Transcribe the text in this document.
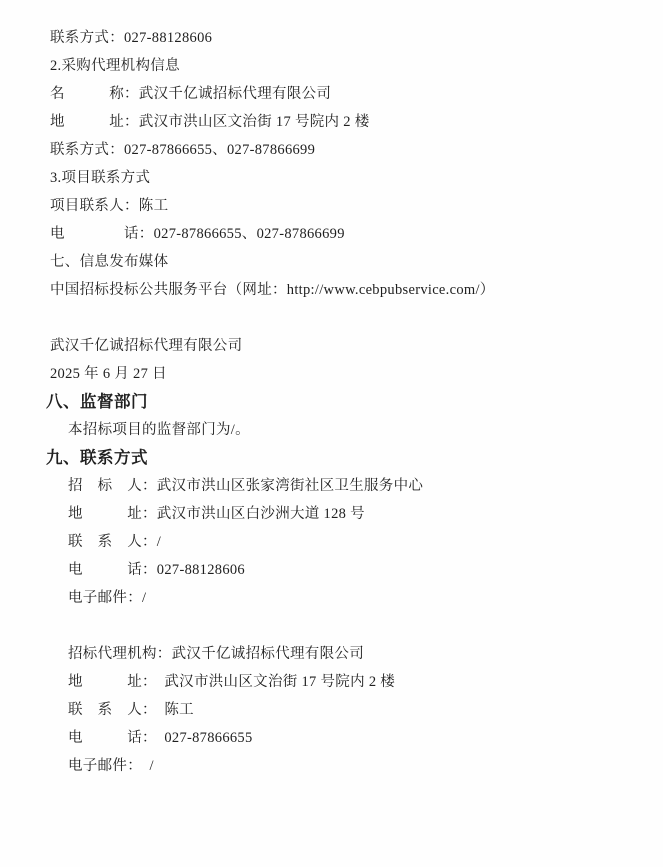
联系方式：027-88128606
2.采购代理机构信息
名　　　称：武汉千亿诚招标代理有限公司
地　　　址：武汉市洪山区文治街 17 号院内 2 楼
联系方式：027-87866655、027-87866699
3.项目联系方式
项目联系人：陈工
电　　　　话：027-87866655、027-87866699
七、信息发布媒体
中国招标投标公共服务平台（网址：http://www.cebpubservice.com/）
武汉千亿诚招标代理有限公司
2025 年 6 月 27 日
八、监督部门
本招标项目的监督部门为/。
九、联系方式
招　标　人：武汉市洪山区张家湾街社区卫生服务中心
地　　　址：武汉市洪山区白沙洲大道 128 号
联　系　人：/
电　　　话：027-88128606
电子邮件：/
招标代理机构：武汉千亿诚招标代理有限公司
地　　　址：　武汉市洪山区文治街 17 号院内 2 楼
联　系　人：　陈工
电　　　话：　027-87866655
电子邮件：　/
